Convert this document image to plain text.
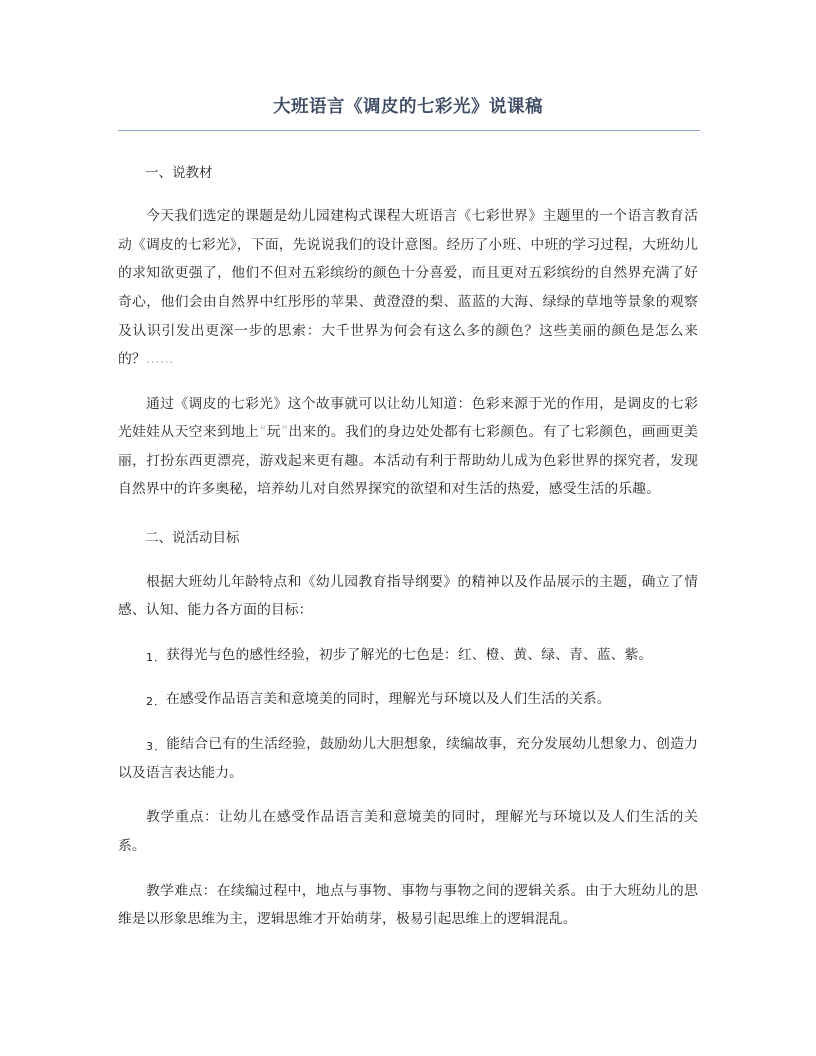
大班语言《调皮的七彩光》说课稿
一、说教材

今天我们选定的课题是幼儿园建构式课程大班语言《七彩世界》主题里的一个语言教育活动《调皮的七彩光》，下面，先说说我们的设计意图。经历了小班、中班的学习过程，大班幼儿的求知欲更强了，他们不但对五彩缤纷的颜色十分喜爱，而且更对五彩缤纷的自然界充满了好奇心，他们会由自然界中红彤彤的苹果、黄澄澄的梨、蓝蓝的大海、绿绿的草地等景象的观察及认识引发出更深一步的思索：大千世界为何会有这么多的颜色？这些美丽的颜色是怎么来的？……

通过《调皮的七彩光》这个故事就可以让幼儿知道：色彩来源于光的作用，是调皮的七彩光娃娃从天空来到地上“玩”出来的。我们的身边处处都有七彩颜色。有了七彩颜色，画画更美丽，打扮东西更漂亮，游戏起来更有趣。本活动有利于帮助幼儿成为色彩世界的探究者，发现自然界中的许多奥秘，培养幼儿对自然界探究的欲望和对生活的热爱，感受生活的乐趣。

二、说活动目标

根据大班幼儿年龄特点和《幼儿园教育指导纲要》的精神以及作品展示的主题，确立了情感、认知、能力各方面的目标：

1．获得光与色的感性经验，初步了解光的七色是：红、橙、黄、绿、青、蓝、紫。

2．在感受作品语言美和意境美的同时，理解光与环境以及人们生活的关系。

3．能结合已有的生活经验，鼓励幼儿大胆想象，续编故事，充分发展幼儿想象力、创造力以及语言表达能力。

教学重点：让幼儿在感受作品语言美和意境美的同时，理解光与环境以及人们生活的关系。

教学难点：在续编过程中，地点与事物、事物与事物之间的逻辑关系。由于大班幼儿的思维是以形象思维为主，逻辑思维才开始萌芽，极易引起思维上的逻辑混乱。
